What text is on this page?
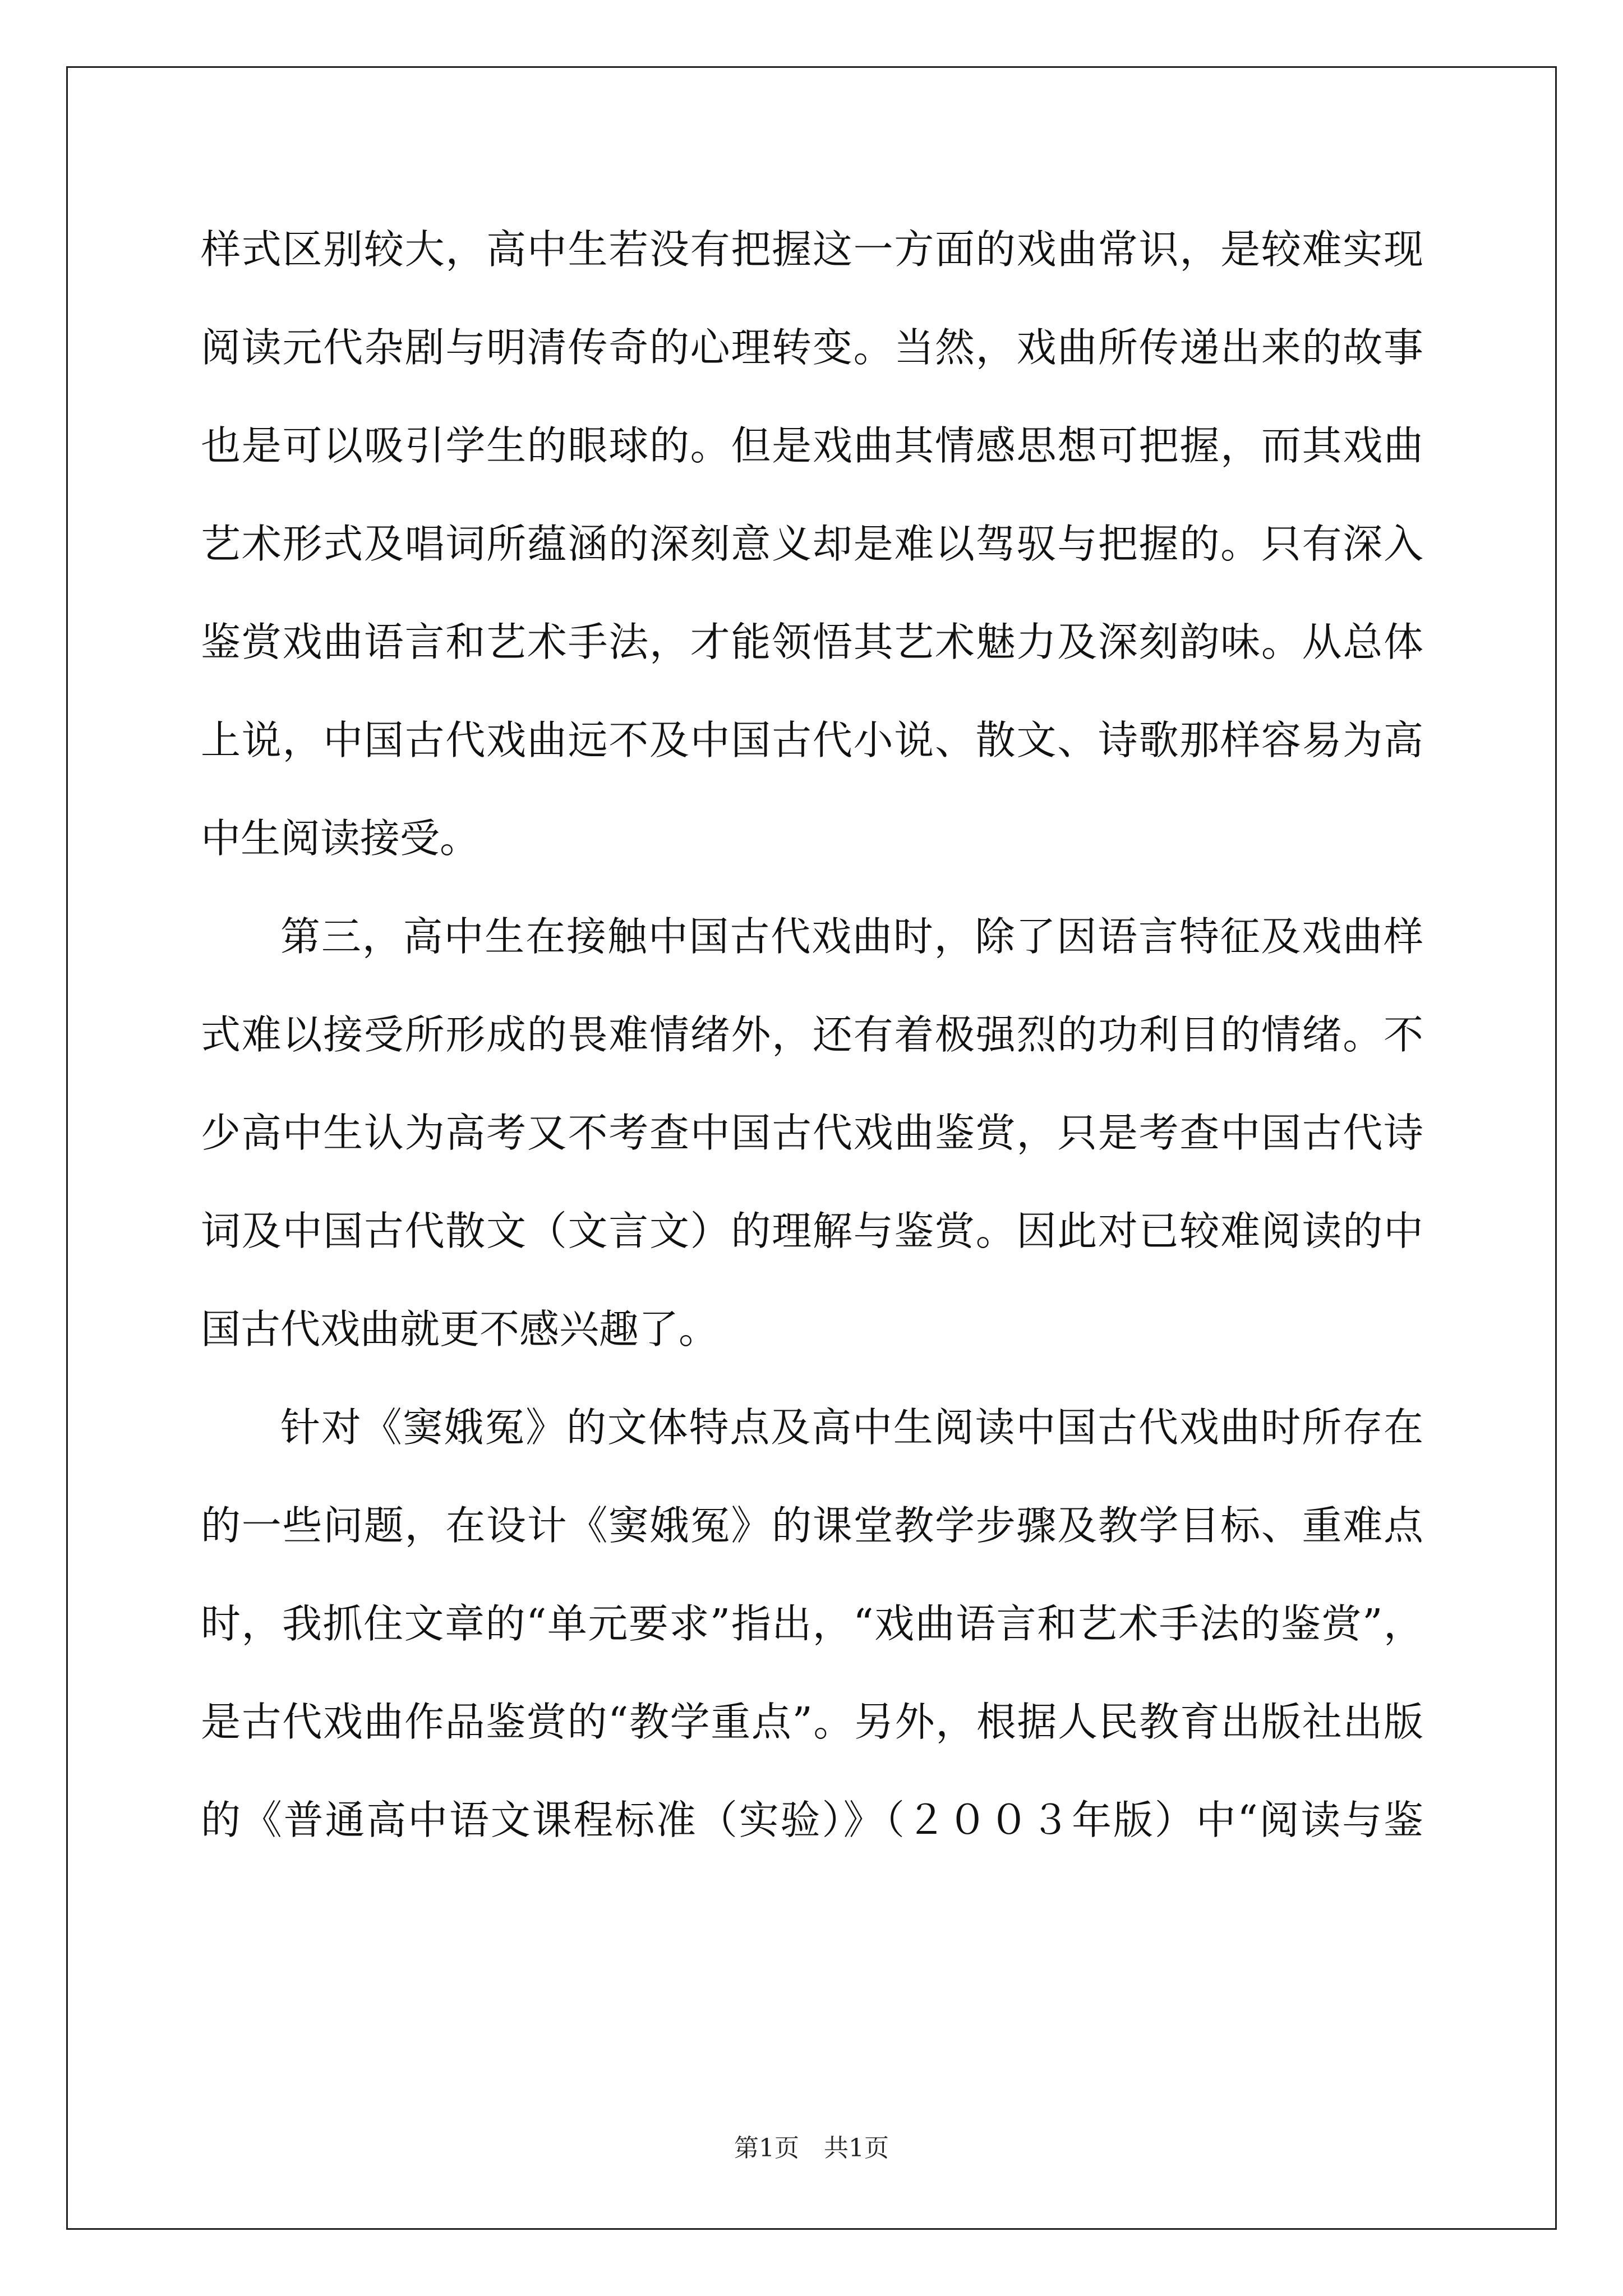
样式区别较大，高中生若没有把握这一方面的戏曲常识，是较难实现
阅读元代杂剧与明清传奇的心理转变。当然，戏曲所传递出来的故事
也是可以吸引学生的眼球的。但是戏曲其情感思想可把握，而其戏曲
艺术形式及唱词所蕴涵的深刻意义却是难以驾驭与把握的。只有深入
鉴赏戏曲语言和艺术手法，才能领悟其艺术魅力及深刻韵味。从总体
上说，中国古代戏曲远不及中国古代小说、散文、诗歌那样容易为高
中生阅读接受。
第三，高中生在接触中国古代戏曲时，除了因语言特征及戏曲样
式难以接受所形成的畏难情绪外，还有着极强烈的功利目的情绪。不
少高中生认为高考又不考查中国古代戏曲鉴赏，只是考查中国古代诗
词及中国古代散文（文言文）的理解与鉴赏。因此对已较难阅读的中
国古代戏曲就更不感兴趣了。
针对《窦娥冤》的文体特点及高中生阅读中国古代戏曲时所存在
的一些问题，在设计《窦娥冤》的课堂教学步骤及教学目标、重难点
时，我抓住文章的“单元要求”指出，“戏曲语言和艺术手法的鉴赏”，
是古代戏曲作品鉴赏的“教学重点”。另外，根据人民教育出版社出版
的《普通高中语文课程标准（实验）》（２００３年版）中“阅读与鉴
第1页　共1页
